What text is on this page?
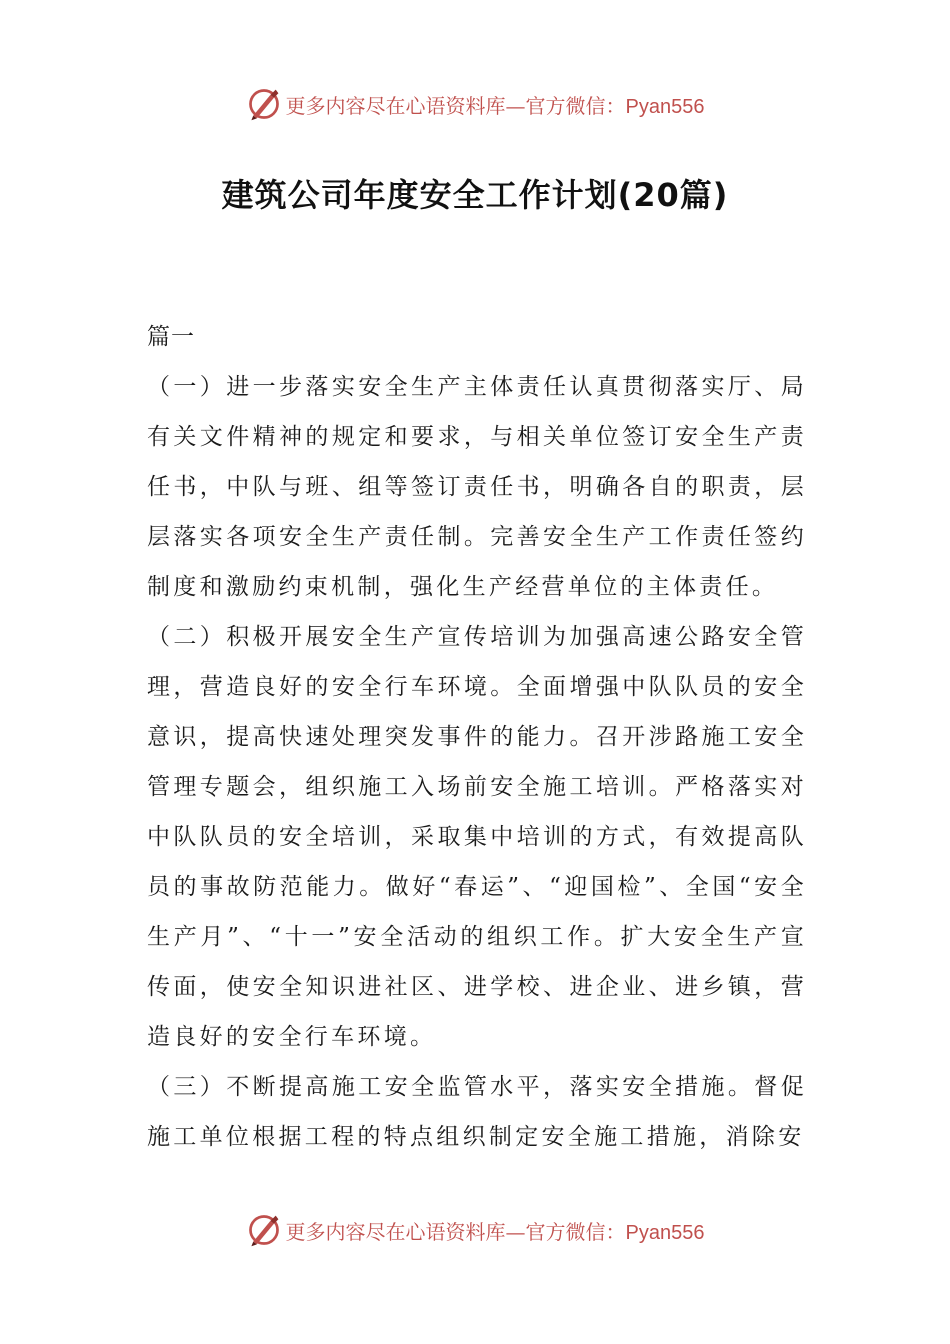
更多内容尽在心语资料库—官方微信：Pyan556
建筑公司年度安全工作计划(20篇)

篇一

（一）进一步落实安全生产主体责任认真贯彻落实厅、局有关文件精神的规定和要求，与相关单位签订安全生产责任书，中队与班、组等签订责任书，明确各自的职责，层层落实各项安全生产责任制。完善安全生产工作责任签约制度和激励约束机制，强化生产经营单位的主体责任。

（二）积极开展安全生产宣传培训为加强高速公路安全管理，营造良好的安全行车环境。全面增强中队队员的安全意识，提高快速处理突发事件的能力。召开涉路施工安全管理专题会，组织施工入场前安全施工培训。严格落实对中队队员的安全培训，采取集中培训的方式，有效提高队员的事故防范能力。做好“春运”、“迎国检”、全国“安全生产月”、“十一”安全活动的组织工作。扩大安全生产宣传面，使安全知识进社区、进学校、进企业、进乡镇，营造良好的安全行车环境。

（三）不断提高施工安全监管水平，落实安全措施。督促施工单位根据工程的特点组织制定安全施工措施，消除安

更多内容尽在心语资料库—官方微信：Pyan556
